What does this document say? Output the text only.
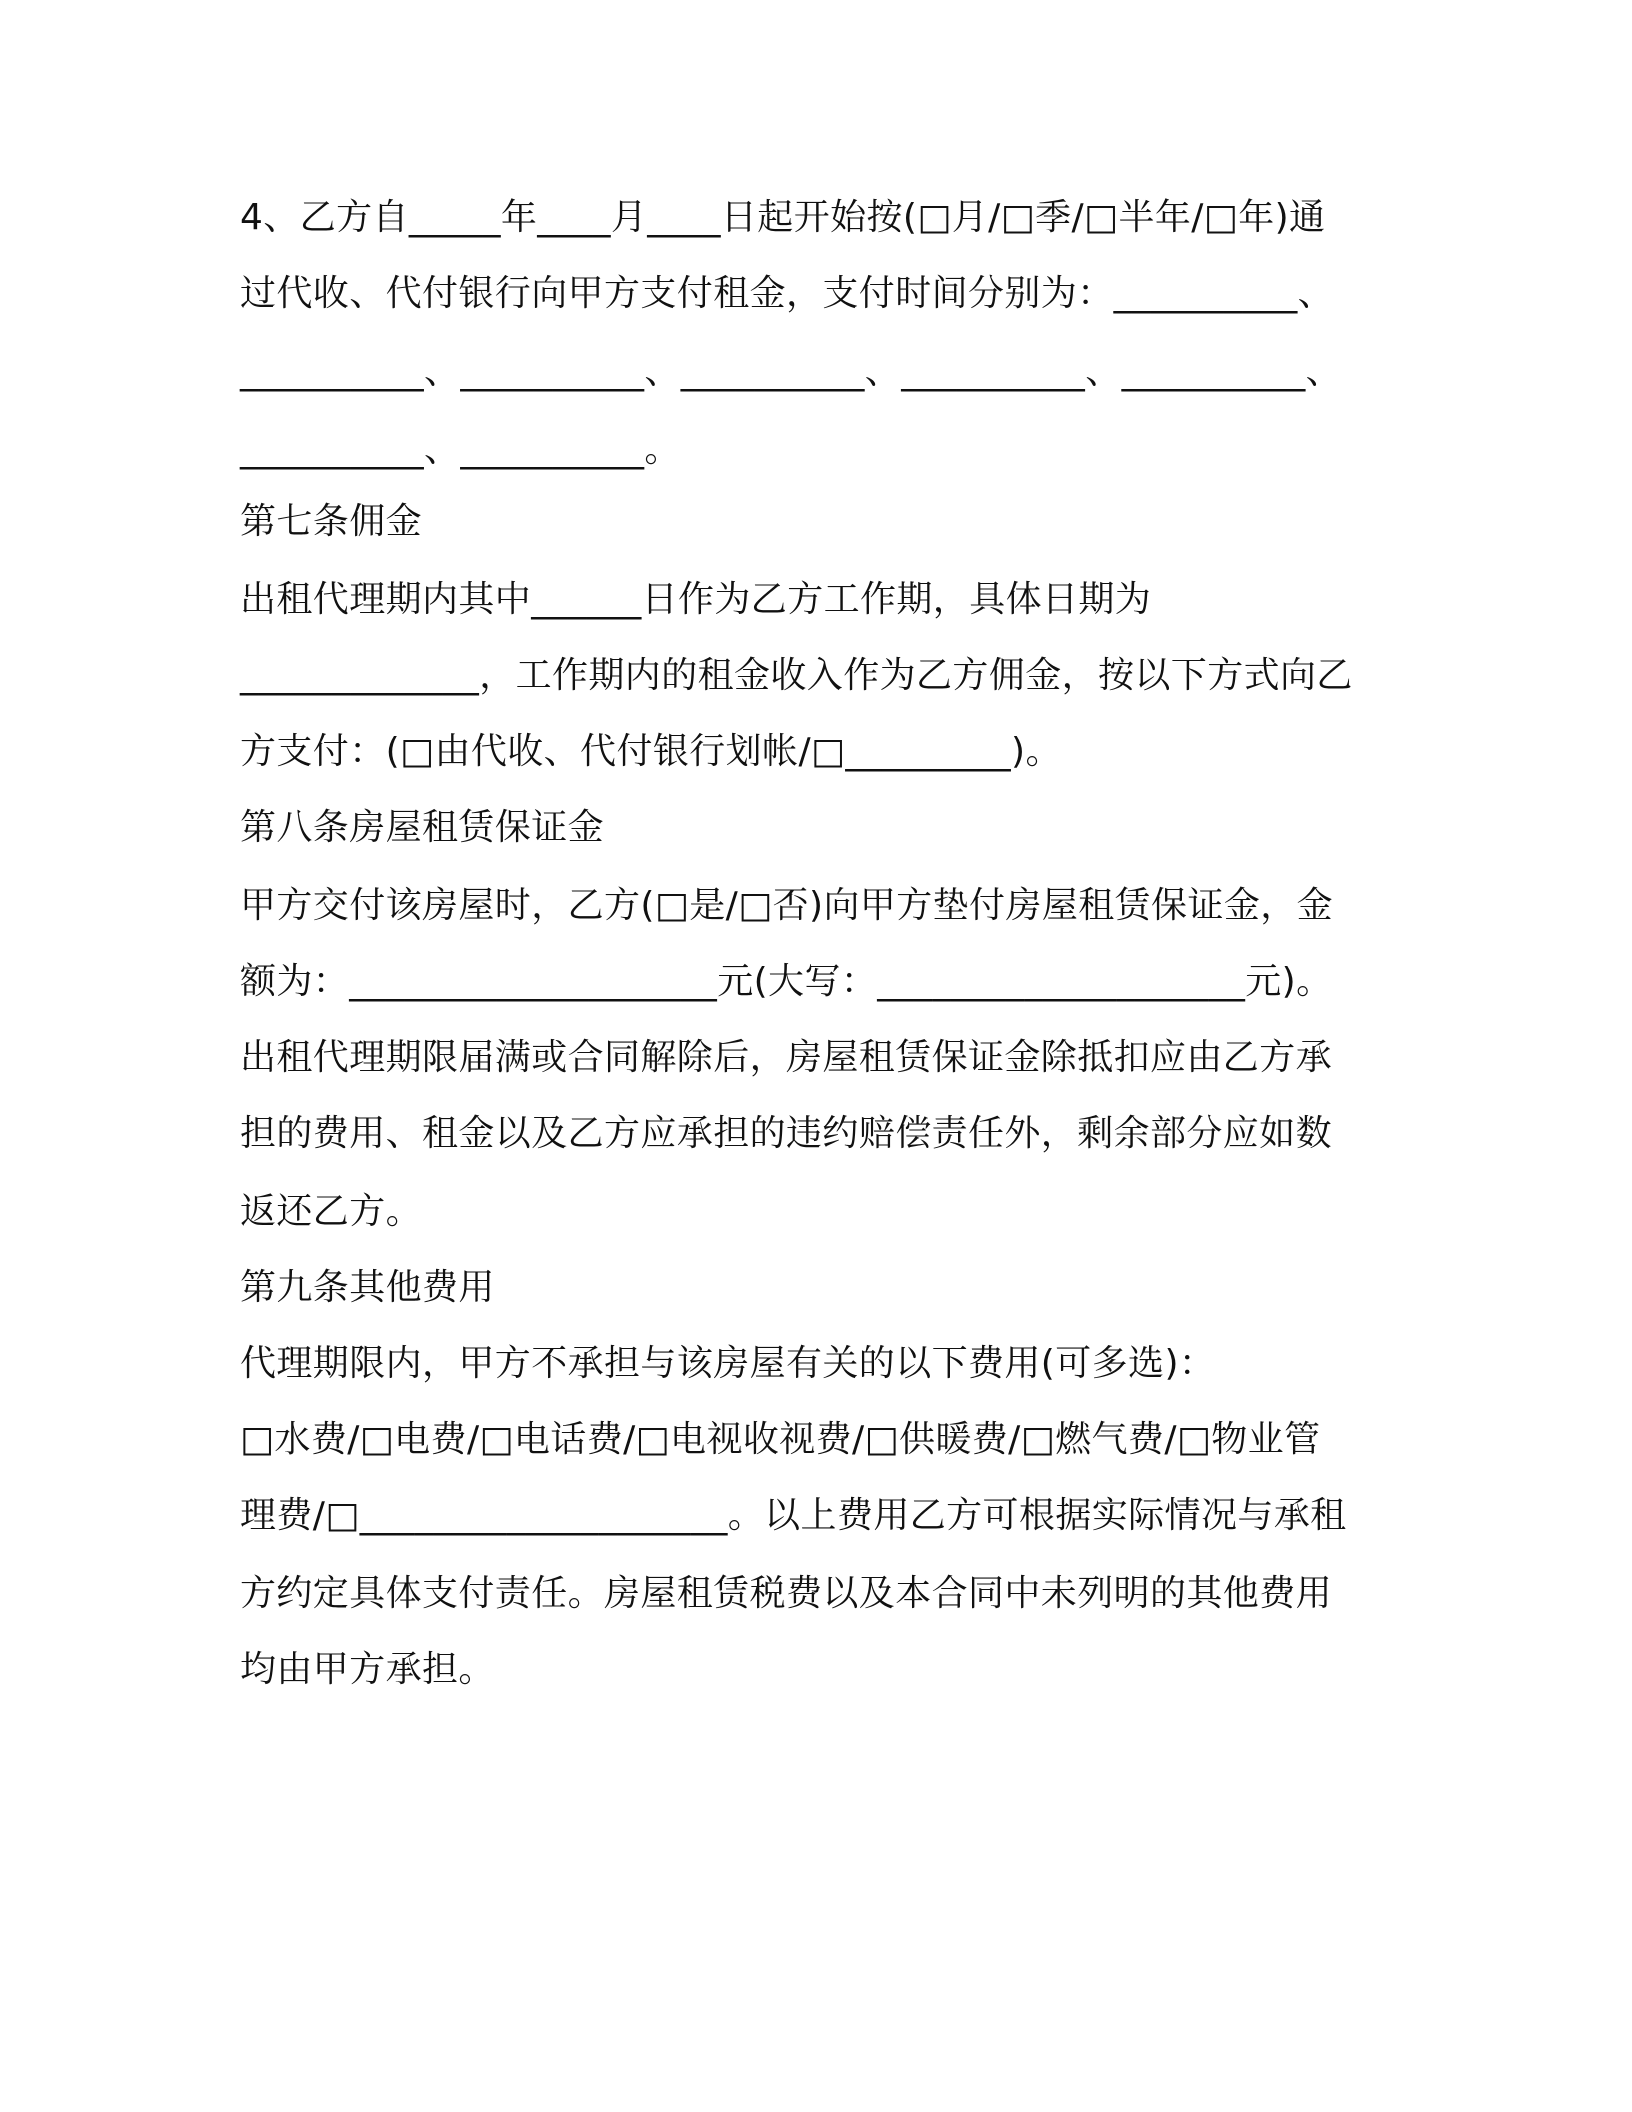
4、乙方自_____年____月____日起开始按(□月/□季/□半年/□年)通
过代收、代付银行向甲方支付租金，支付时间分别为：__________、
__________、__________、__________、__________、__________、
__________、__________。
第七条佣金
出租代理期内其中______日作为乙方工作期，具体日期为
_____________，工作期内的租金收入作为乙方佣金，按以下方式向乙
方支付：(□由代收、代付银行划帐/□_________)。
第八条房屋租赁保证金
甲方交付该房屋时，乙方(□是/□否)向甲方垫付房屋租赁保证金，金
额为：____________________元(大写：____________________元)。
出租代理期限届满或合同解除后，房屋租赁保证金除抵扣应由乙方承
担的费用、租金以及乙方应承担的违约赔偿责任外，剩余部分应如数
返还乙方。
第九条其他费用
代理期限内，甲方不承担与该房屋有关的以下费用(可多选)：
□水费/□电费/□电话费/□电视收视费/□供暖费/□燃气费/□物业管
理费/□____________________。以上费用乙方可根据实际情况与承租
方约定具体支付责任。房屋租赁税费以及本合同中未列明的其他费用
均由甲方承担。
